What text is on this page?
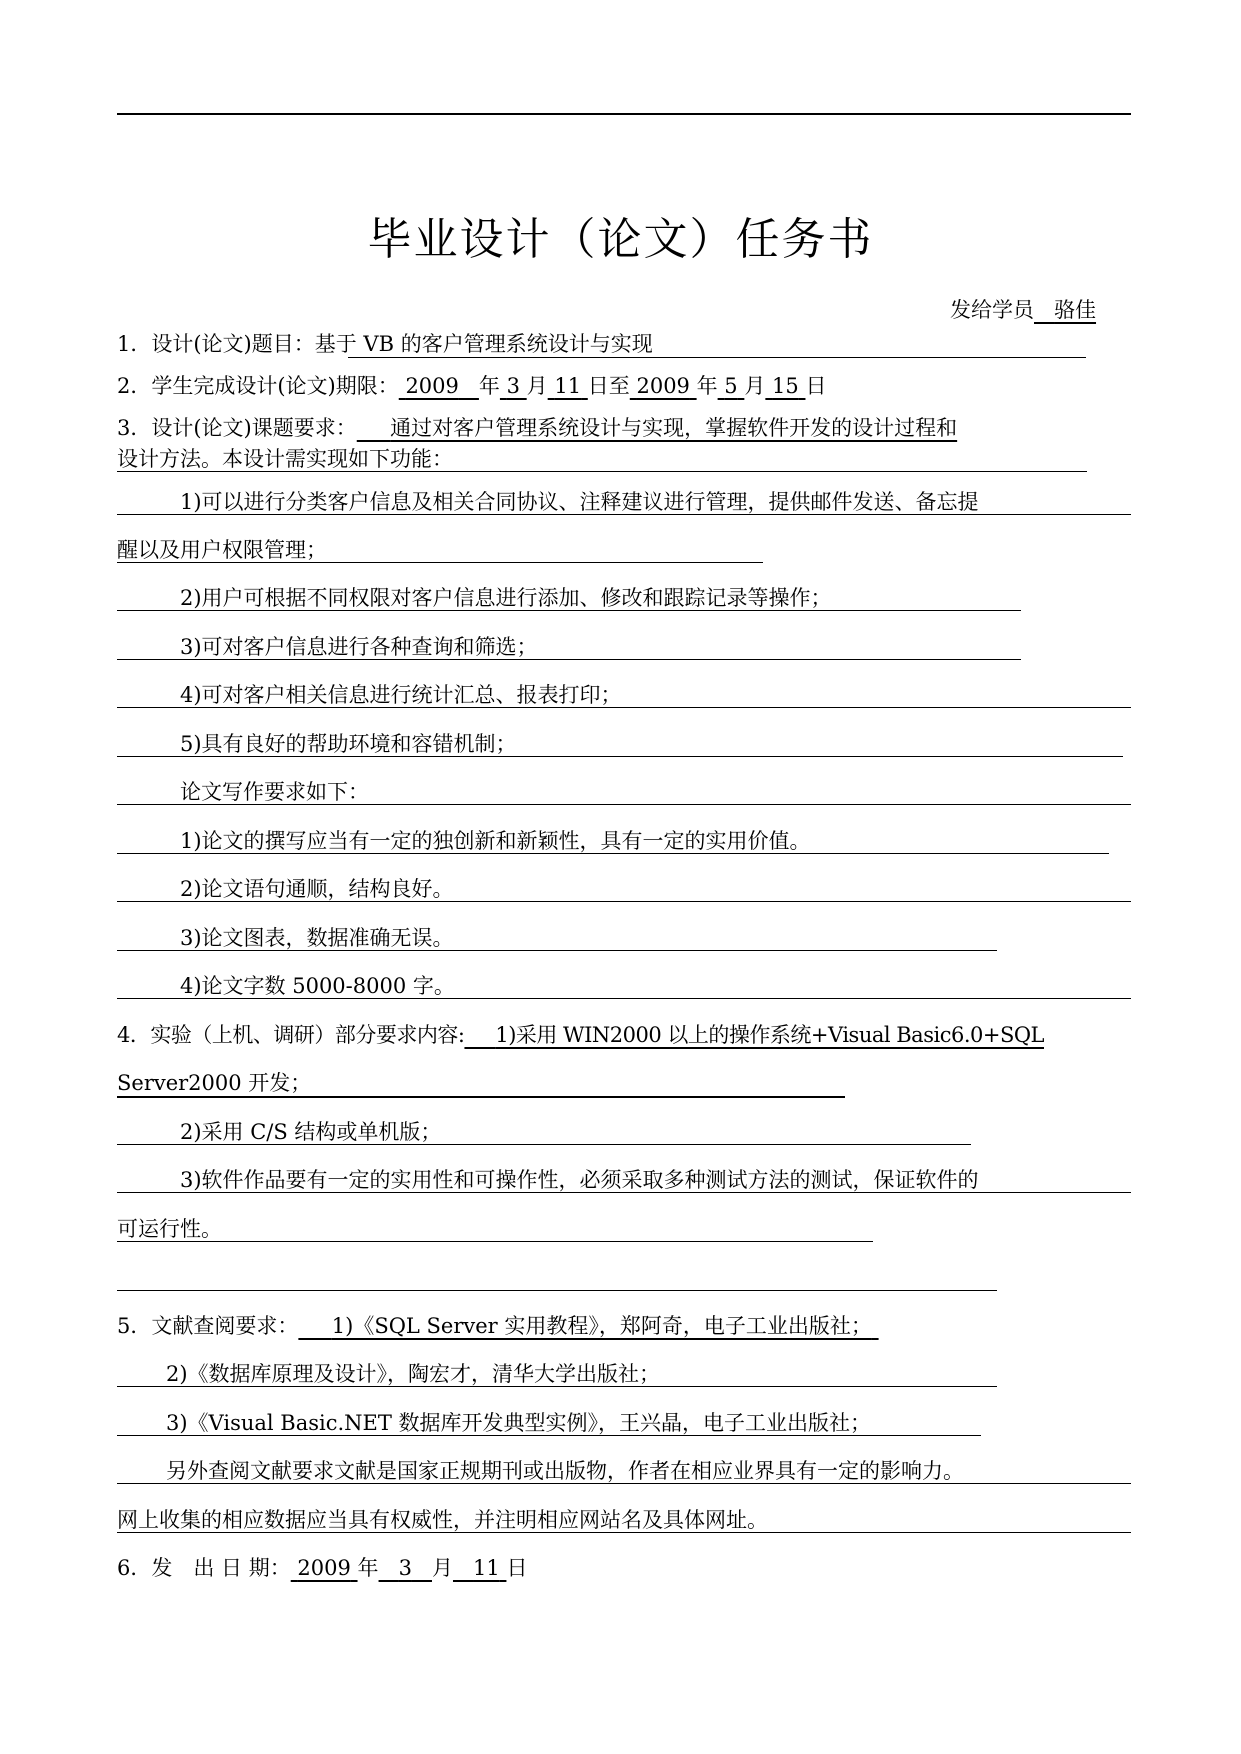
毕业设计（论文）任务书
发给学员 骆佳
1．设计(论文)题目：基于 VB 的客户管理系统设计与实现
2．学生完成设计(论文)期限： 2009 年 3 月 11 日至 2009 年 5 月 15 日
3．设计(论文)课题要求： 通过对客户管理系统设计与实现，掌握软件开发的设计过程和
设计方法。本设计需实现如下功能：
1)可以进行分类客户信息及相关合同协议、注释建议进行管理，提供邮件发送、备忘提
醒以及用户权限管理；
2)用户可根据不同权限对客户信息进行添加、修改和跟踪记录等操作；
3)可对客户信息进行各种查询和筛选；
4)可对客户相关信息进行统计汇总、报表打印；
5)具有良好的帮助环境和容错机制；
论文写作要求如下：
1)论文的撰写应当有一定的独创新和新颖性，具有一定的实用价值。
2)论文语句通顺，结构良好。
3)论文图表，数据准确无误。
4)论文字数 5000-8000 字。
4．实验（上机、调研）部分要求内容: 1)采用 WIN2000 以上的操作系统+Visual Basic6.0+SQL
Server2000 开发；
2)采用 C/S 结构或单机版；
3)软件作品要有一定的实用性和可操作性，必须采取多种测试方法的测试，保证软件的
可运行性。
5．文献查阅要求： 1)《SQL Server 实用教程》，郑阿奇，电子工业出版社；
2)《数据库原理及设计》，陶宏才，清华大学出版社；
3)《Visual Basic.NET 数据库开发典型实例》，王兴晶，电子工业出版社；
另外查阅文献要求文献是国家正规期刊或出版物，作者在相应业界具有一定的影响力。
网上收集的相应数据应当具有权威性，并注明相应网站名及具体网址。
6．发　出 日 期： 2009 年 3 月 11 日
